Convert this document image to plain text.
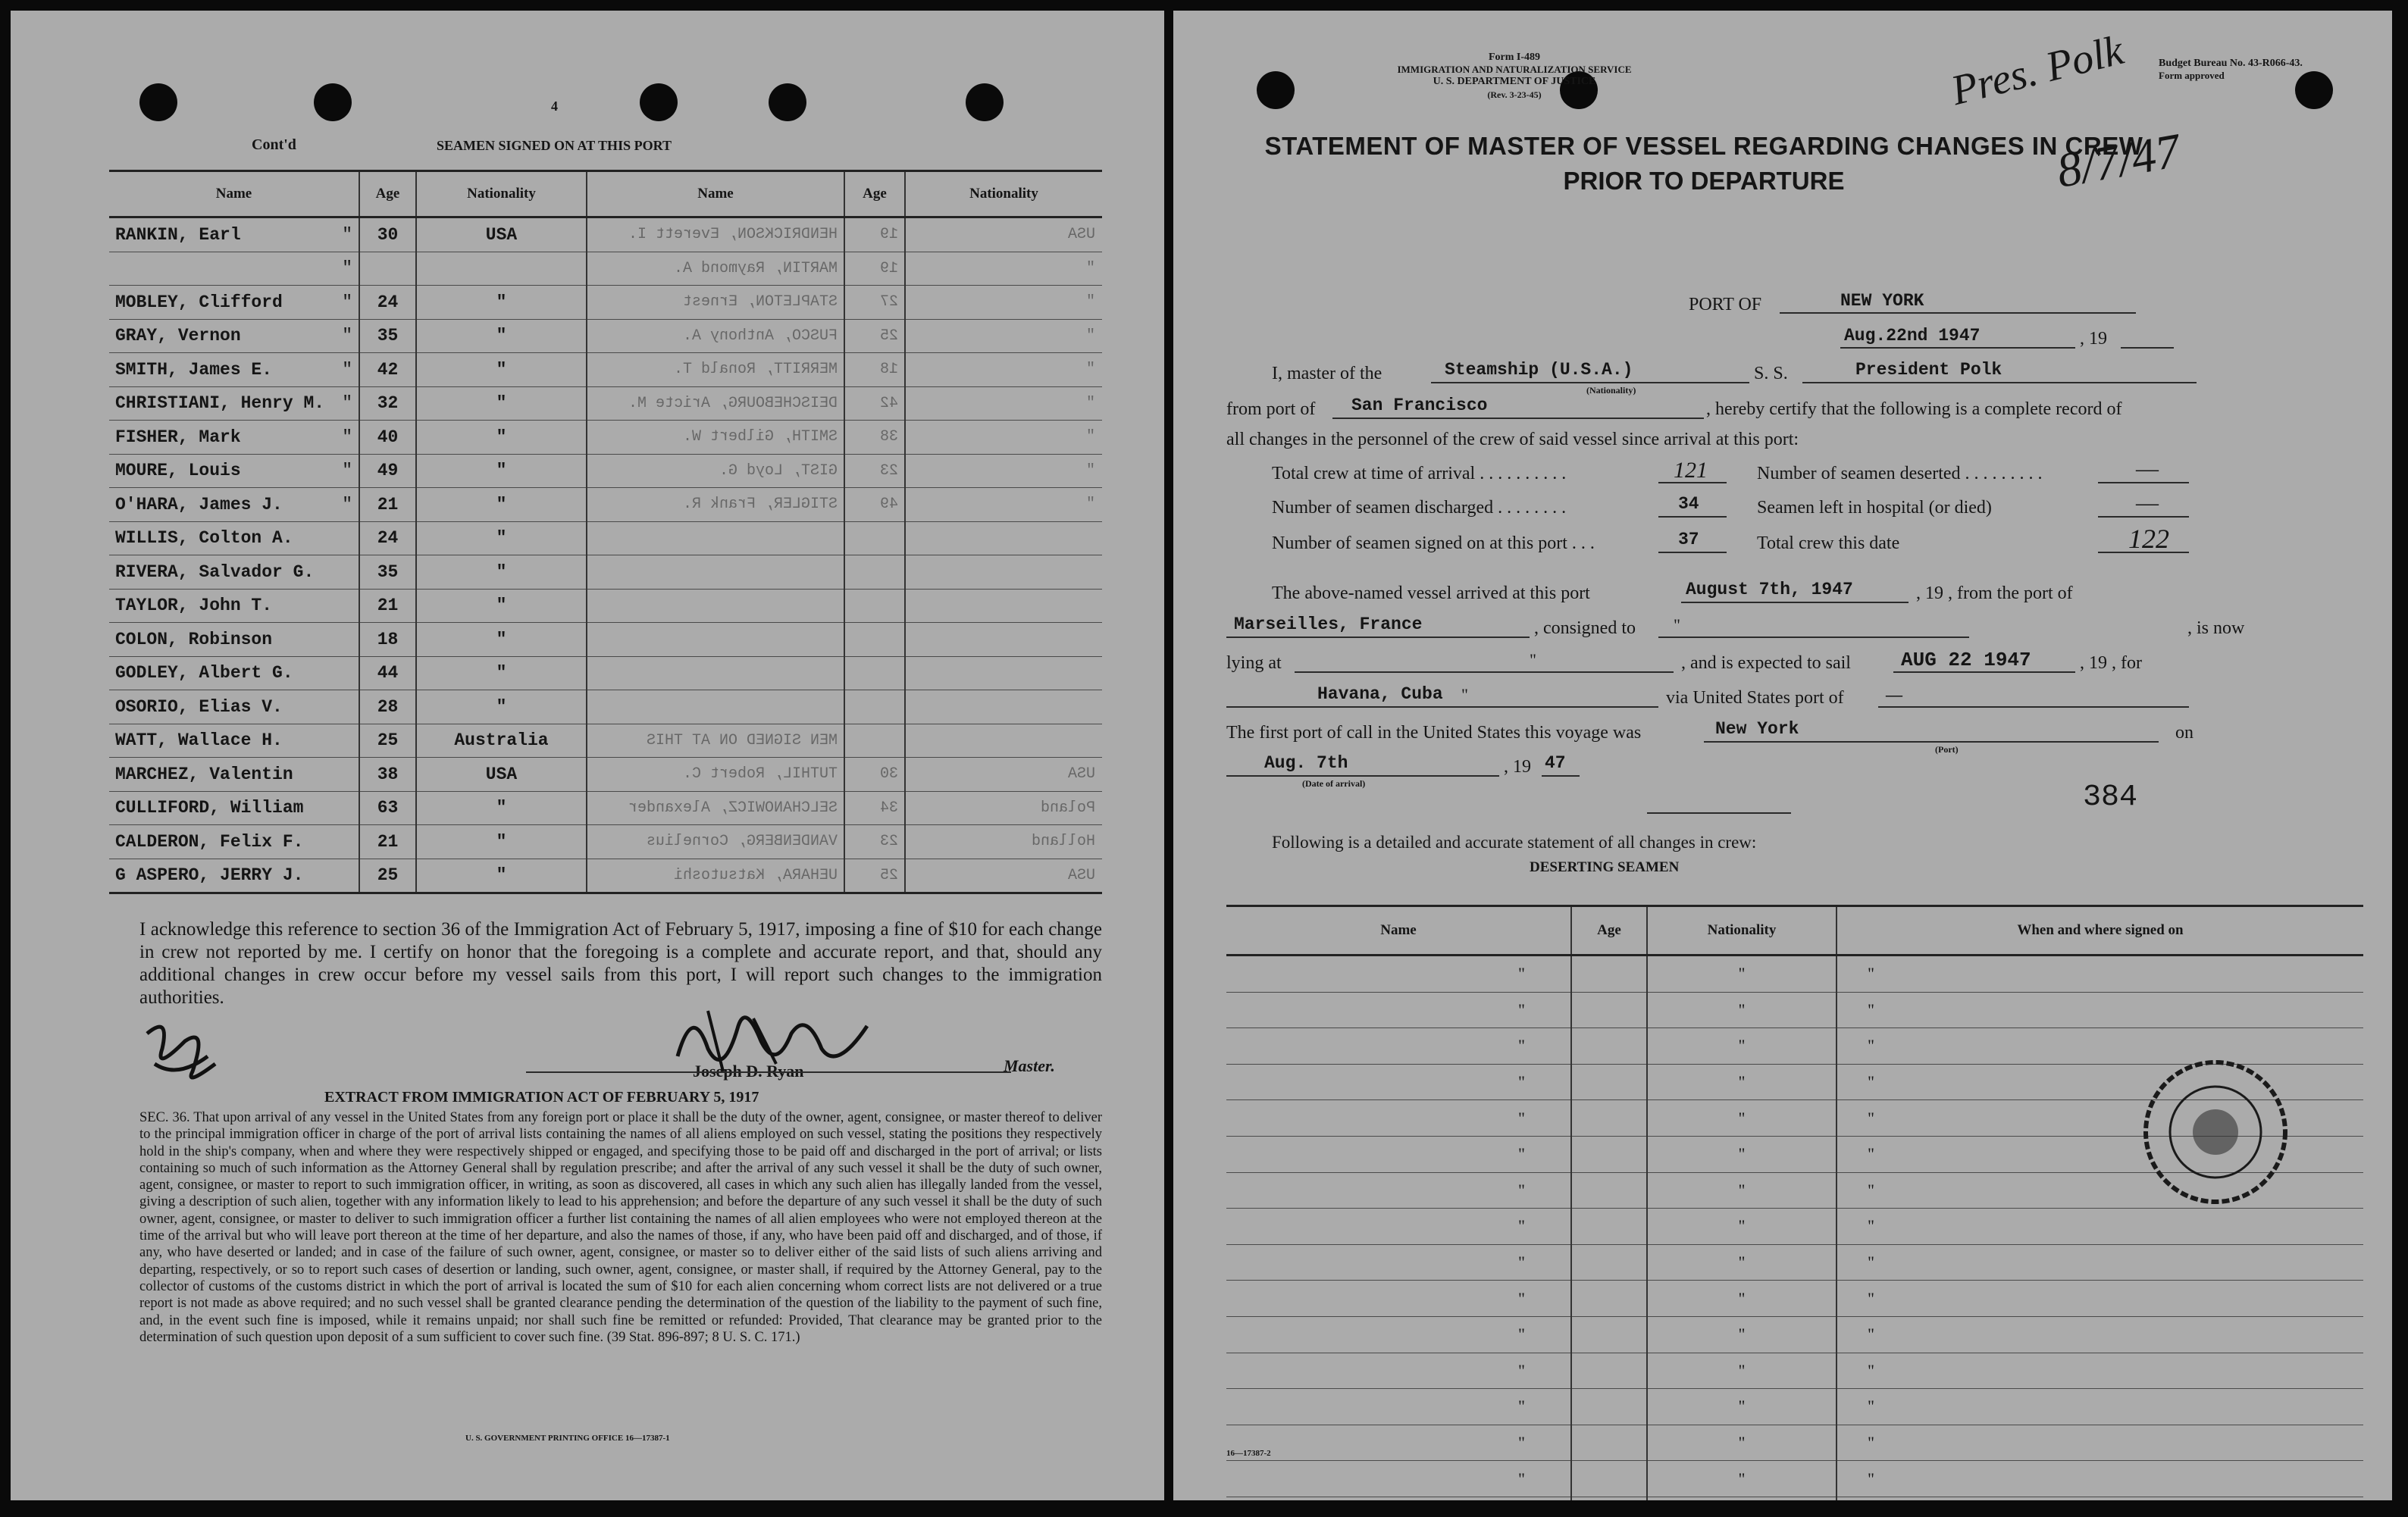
4
Cont'd	SEAMEN SIGNED ON AT THIS PORT
Name	Age	Nationality	Name	Age	Nationality
RANKIN, Earl "	30	USA	HENDRICKSON, Everett I.	19	USA

"			MARTIN, Raymond A.	19	"
MOBLEY, Clifford "	24	"	STAPLETON, Ernest	27	"
GRAY, Vernon "	35	"	FUSCO, Anthony A.	25	"
SMITH, James E. "	42	"	MERRITT, Ronald T.	18	"
CHRISTIANI, Henry M. "	32	"	DEISCHEBOURG, Aricte M.	42	"
FISHER, Mark "	40	"	SMITH, Gilbert W.	38	"
MOURE, Louis "	49	"	GIST, Loyd G.	23	"
O'HARA, James J. "	21	"	STIGLER, Frank R.	49	"
WILLIS, Colton A.	24	"			
RIVERA, Salvador G.	35	"			
TAYLOR, John T.	21	"			
COLON, Robinson	18	"			
GODLEY, Albert G.	44	"			
OSORIO, Elias V.	28	"			
WATT, Wallace H.	25	Australia	MEN SIGNED ON AT THIS		
MARCHEZ, Valentin	38	USA	TUTHIL, Robert C.	30	USA
CULLIFORD, William	63	"	SELCHANOWICZ, Alexander	34	Poland
CALDERON, Felix F.	21	"	VANDENBERG, Cornelius	23	Holland
G ASPERO, JERRY J.	25	"	UEHARA, Katsutoshi	25	USA
I acknowledge this reference to section 36 of the Immigration Act of February 5, 1917, imposing a fine of $10 for each change in crew not reported by me. I certify on honor that the foregoing is a complete and accurate report, and that, should any additional changes in crew occur before my vessel sails from this port, I will report such changes to the immigration authorities.
Joseph D. Ryan	Master.
EXTRACT FROM IMMIGRATION ACT OF FEBRUARY 5, 1917
SEC. 36. That upon arrival of any vessel in the United States from any foreign port or place it shall be the duty of the owner, agent, consignee, or master thereof to deliver to the principal immigration officer in charge of the port of arrival lists containing the names of all aliens employed on such vessel, stating the positions they respectively hold in the ship's company, when and where they were respectively shipped or engaged, and specifying those to be paid off and discharged in the port of arrival; or lists containing so much of such information as the Attorney General shall by regulation prescribe; and after the arrival of any such vessel it shall be the duty of such owner, agent, consignee, or master to report to such immigration officer, in writing, as soon as discovered, all cases in which any such alien has illegally landed from the vessel, giving a description of such alien, together with any information likely to lead to his apprehension; and before the departure of any such vessel it shall be the duty of such owner, agent, consignee, or master to deliver to such immigration officer a further list containing the names of all alien employees who were not employed thereon at the time of the arrival but who will leave port thereon at the time of her departure, and also the names of those, if any, who have been paid off and discharged, and of those, if any, who have deserted or landed; and in case of the failure of such owner, agent, consignee, or master so to deliver either of the said lists of such aliens arriving and departing, respectively, or so to report such cases of desertion or landing, such owner, agent, consignee, or master shall, if required by the Attorney General, pay to the collector of customs of the customs district in which the port of arrival is located the sum of $10 for each alien concerning whom correct lists are not delivered or a true report is not made as above required; and no such vessel shall be granted clearance pending the determination of the question of the liability to the payment of such fine, and, in the event such fine is imposed, while it remains unpaid; nor shall such fine be remitted or refunded: Provided, That clearance may be granted prior to the determination of such question upon deposit of a sum sufficient to cover such fine. (39 Stat. 896-897; 8 U. S. C. 171.)
U. S. GOVERNMENT PRINTING OFFICE 16—17387-1
Form I-489
IMMIGRATION AND NATURALIZATION SERVICE
U. S. DEPARTMENT OF JUSTICE
(Rev. 3-23-45)
Budget Bureau No. 43-R066-43.
Form approved
Pres. Polk
8/7/47
STATEMENT OF MASTER OF VESSEL REGARDING CHANGES IN CREW
PRIOR TO DEPARTURE
PORT OF	NEW YORK
Aug.22nd 1947	, 19
I, master of the	Steamship (U.S.A.)
(Nationality)
S. S.	President Polk
from port of San Francisco	, hereby certify that the following is a complete record of
all changes in the personnel of the crew of said vessel since arrival at this port:
Total crew at time of arrival . . . . . . . . . .	121	Number of seamen deserted . . . . . . . . .	—
Number of seamen discharged . . . . . . . .	34	Seamen left in hospital (or died)	—
Number of seamen signed on at this port . . .	37	Total crew this date	122
The above-named vessel arrived at this port	August 7th, 1947	, 19 , from the port of
Marseilles, France	, consigned to "
lying at	"	, and is expected to sail	AUG 22 1947	, 19 , for
, is now
Havana, Cuba "	via United States port of	—
The first port of call in the United States this voyage was	New York
(Port)
on
Aug. 7th
(Date of arrival)
, 19 47
384
Following is a detailed and accurate statement of all changes in crew:
DESERTING SEAMEN
Name	Age	Nationality	When and where signed on
"		"	"
"		"	"
"		"	"
"		"	"
"		"	"
"		"	"
"		"	"
"		"	"
"		"	"
"		"	"
"		"	"
"		"	"
"		"	"
"		"	"
"		"	"

16—17387-2
